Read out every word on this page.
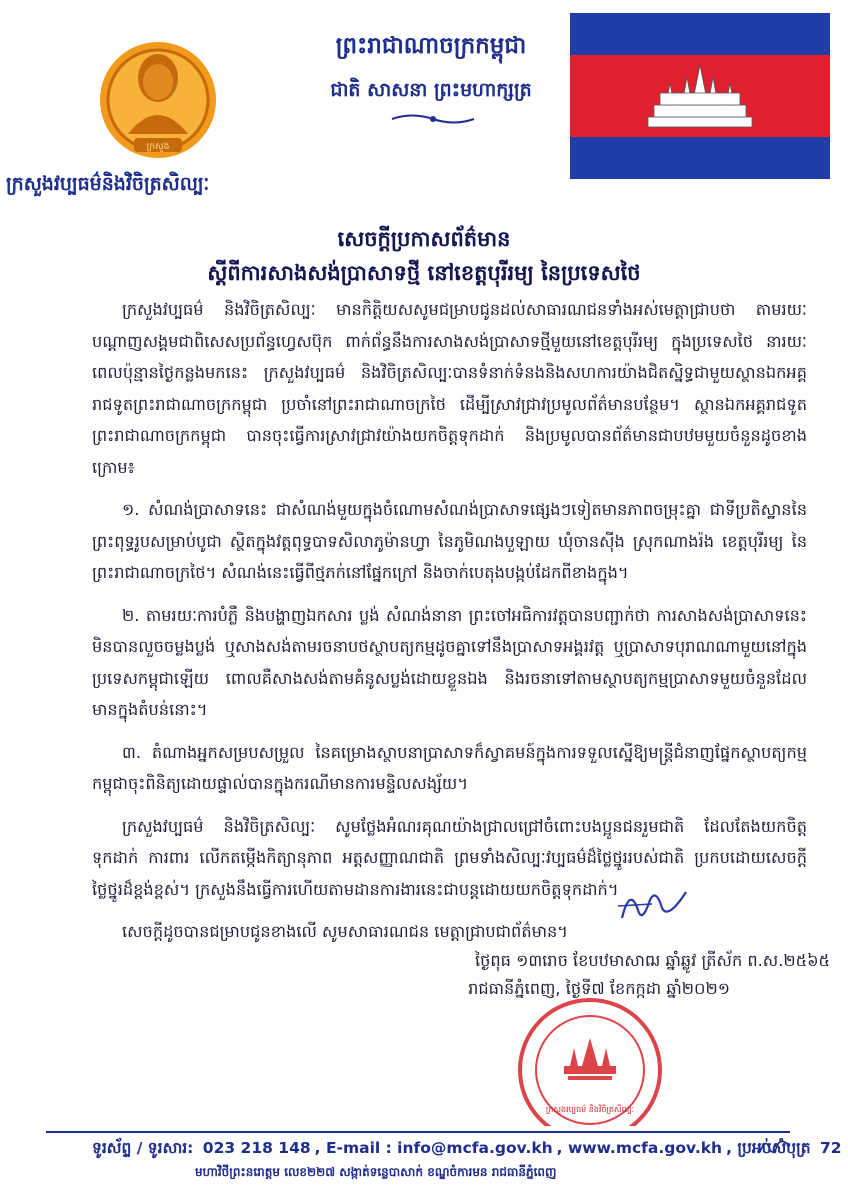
ក្រសួង
ក្រសួងវប្បធម៌និងវិចិត្រសិល្បៈ
ព្រះរាជាណាចក្រកម្ពុជា
ជាតិ សាសនា ព្រះមហាក្សត្រ
សេចក្តីប្រកាសព័ត៌មាន
ស្តីពីការសាងសង់ប្រាសាទថ្មី នៅខេត្តបុរីរម្យ នៃប្រទេសថៃ

ក្រសួងវប្បធម៌ និងវិចិត្រសិល្បៈ មានកិត្តិយសសូមជម្រាបជូនដល់សាធារណជនទាំងអស់មេត្តាជ្រាបថា តាមរយៈបណ្តាញសង្គមជាពិសេសប្រព័ន្ធហ្វេសប៊ុក ពាក់ព័ន្ធនឹងការសាងសង់ប្រាសាទថ្មីមួយនៅខេត្តបុរីរម្យ ក្នុងប្រទេសថៃ នារយៈពេលប៉ុន្មានថ្ងៃកន្លងមកនេះ ក្រសួងវប្បធម៌ និងវិចិត្រសិល្បៈបានទំនាក់ទំនងនិងសហការយ៉ាងជិតស្និទ្ធជាមួយស្ថានឯកអគ្គរាជទូតព្រះរាជាណាចក្រកម្ពុជា ប្រចាំនៅព្រះរាជាណាចក្រថៃ ដើម្បីស្រាវជ្រាវប្រមូលព័ត៌មានបន្ថែម។ ស្ថានឯកអគ្គរាជទូតព្រះរាជាណាចក្រកម្ពុជា បានចុះធ្វើការស្រាវជ្រាវយ៉ាងយកចិត្តទុកដាក់ និងប្រមូលបានព័ត៌មានជាបឋមមួយចំនួនដូចខាងក្រោម៖

១. សំណង់ប្រាសាទនេះ ជាសំណង់មួយក្នុងចំណោមសំណង់ប្រាសាទផ្សេងៗទៀតមានភាពចម្រុះគ្នា ជាទីប្រតិស្ឋាននៃព្រះពុទ្ធរូបសម្រាប់បូជា ស្ថិតក្នុងវត្តពុទ្ធបាទសិលាភូម៉ានហ្វា នៃភូមិណងបួឡាយ ឃុំចានស៊ីង ស្រុកណាងរ៉ង ខេត្តបុរីរម្យ នៃព្រះរាជាណាចក្រថៃ។ សំណង់នេះធ្វើពីថ្មភក់នៅផ្នែកក្រៅ និងចាក់បេតុងបង្កប់ដែកពីខាងក្នុង។

២. តាមរយៈការបំភ្លឺ និងបង្ហាញឯកសារ ប្លង់ សំណង់នានា ព្រះចៅអធិការវត្តបានបញ្ជាក់ថា ការសាងសង់ប្រាសាទនេះមិនបានលួចចម្លងប្លង់ ឬសាងសង់តាមរចនាបថស្ថាបត្យកម្មដូចគ្នាទៅនឹងប្រាសាទអង្គរវត្ត ឬប្រាសាទបុរាណណាមួយនៅក្នុងប្រទេសកម្ពុជាឡើយ ពោលគឺសាងសង់តាមគំនូសប្លង់ដោយខ្លួនឯង និងរចនាទៅតាមស្ថាបត្យកម្មប្រាសាទមួយចំនួនដែលមានក្នុងតំបន់នោះ។

៣. តំណាងអ្នកសម្របសម្រួល នៃគម្រោងស្ថាបនាប្រាសាទក៏ស្វាគមន៍ក្នុងការទទួលស្នើឱ្យមន្ត្រីជំនាញផ្នែកស្ថាបត្យកម្មកម្ពុជាចុះពិនិត្យដោយផ្ទាល់បានក្នុងករណីមានការមន្ទិលសង្ស័យ។

ក្រសួងវប្បធម៌ និងវិចិត្រសិល្បៈ សូមថ្លែងអំណរគុណយ៉ាងជ្រាលជ្រៅចំពោះបងប្អូនជនរួមជាតិ ដែលតែងយកចិត្តទុកដាក់ ការពារ លើកតម្កើងកិត្យានុភាព អត្តសញ្ញាណជាតិ ព្រមទាំងសិល្បៈវប្បធម៌ដ៏ថ្លៃថ្នូររបស់ជាតិ ប្រកបដោយសេចក្តីថ្លៃថ្នូរដ៏ខ្ពង់ខ្ពស់។ ក្រសួងនឹងធ្វើការហើយតាមដានការងារនេះជាបន្តដោយយកចិត្តទុកដាក់។

សេចក្តីដូចបានជម្រាបជូនខាងលើ សូមសាធារណជន មេត្តាជ្រាបជាព័ត៌មាន។

ថ្ងៃពុធ ១៣រោច ខែបឋមាសាឍ ឆ្នាំឆ្លូវ ត្រីស័ក ព.ស.២៥៦៥
រាជធានីភ្នំពេញ, ថ្ងៃទី៧ ខែកក្កដា ឆ្នាំ២០២១
ក្រសួងវប្បធម៌ និងវិចិត្រសិល្បៈ
ទូរស័ព្ទ / ទូរសារ: 023 218 148 , E-mail : info@mcfa.gov.kh , www.mcfa.gov.kh , ប្រអប់សំបុត្រ 72
មហាវិថីព្រះនរោត្តម លេខ២២៧ សង្កាត់ទន្លេបាសាក់ ខណ្ឌចំការមន រាជធានីភ្នំពេញ
